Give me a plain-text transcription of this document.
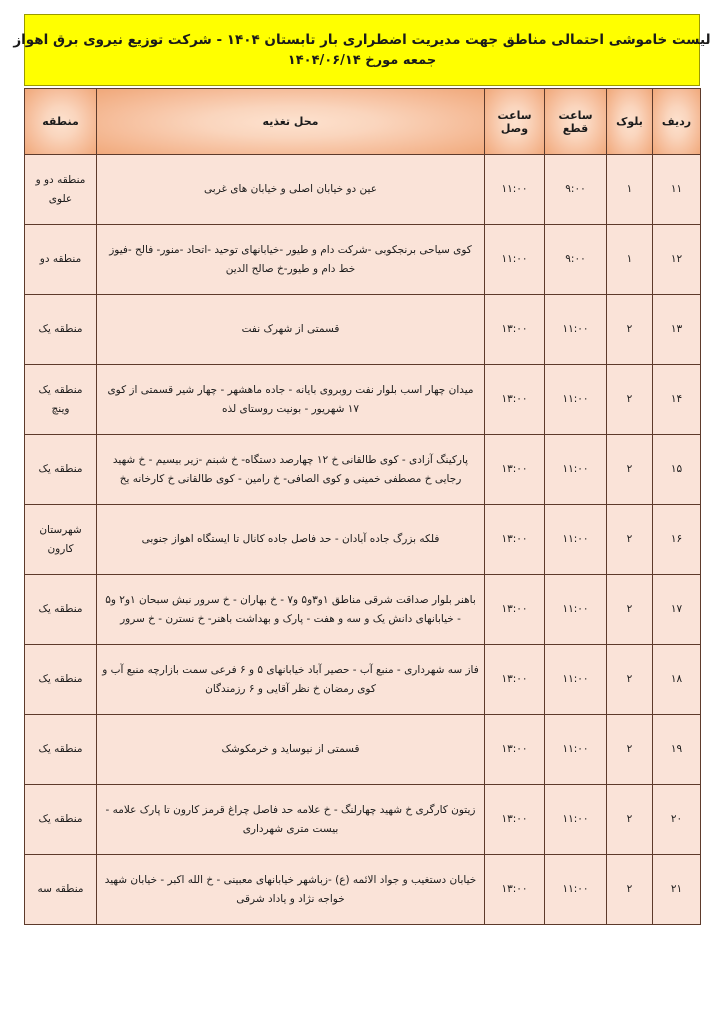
لیست خاموشی احتمالی مناطق جهت مدیریت اضطراری بار تابستان ۱۴۰۴ - شرکت توزیع نیروی برق اهواز
جمعه مورخ ۱۴۰۴/۰۶/۱۴
ردیف	بلوک	ساعت قطع	ساعت وصل	محل تغذیه	منطقه
۱۱	۱	۹:۰۰	۱۱:۰۰	عین دو خیابان اصلی و خیابان های غربی	منطقه دو و علوی
۱۲	۱	۹:۰۰	۱۱:۰۰	کوی سیاحی برنجکوبی -شرکت دام و طیور -خیابانهای توحید -اتحاد -منور- فالح -فیوز خط دام و طیور-خ صالح الدین	منطقه دو
۱۳	۲	۱۱:۰۰	۱۳:۰۰	قسمتی از شهرک نفت	منطقه یک
۱۴	۲	۱۱:۰۰	۱۳:۰۰	میدان چهار اسب بلوار نفت روبروی بایانه - جاده ماهشهر - چهار شیر قسمتی از کوی ۱۷ شهریور - بونیت روستای لذه	منطقه یک وینچ
۱۵	۲	۱۱:۰۰	۱۳:۰۰	پارکینگ آزادی - کوی طالقانی خ ۱۲ چهارصد دستگاه- خ شبنم -زیر بیسیم - خ شهید رجایی خ مصطفی خمینی و کوی الصافی- خ رامین - کوی طالقانی خ کارخانه یخ	منطقه یک
۱۶	۲	۱۱:۰۰	۱۳:۰۰	فلکه بزرگ جاده آبادان - حد فاصل جاده کانال تا ایستگاه اهواز جنوبی	شهرستان کارون
۱۷	۲	۱۱:۰۰	۱۳:۰۰	باهنر بلوار صداقت شرقی مناطق ۱و۳و۵ و۷ - خ بهاران - خ سرور نبش سبحان ۱و۲ و۵ - خیابانهای دانش یک و سه و هفت - پارک و بهداشت باهنر- خ نسترن - خ سرور	منطقه یک
۱۸	۲	۱۱:۰۰	۱۳:۰۰	فاز سه شهرداری - منبع آب - حصیر آباد خیابانهای ۵ و ۶ فرعی سمت بازارچه منبع آب و کوی رمضان خ نظر آقایی و ۶ رزمندگان	منطقه یک
۱۹	۲	۱۱:۰۰	۱۳:۰۰	قسمتی از نیوساید و خرمکوشک	منطقه یک
۲۰	۲	۱۱:۰۰	۱۳:۰۰	زیتون کارگری خ شهید چهارلنگ - خ علامه حد فاصل چراغ قرمز کارون تا پارک علامه - بیست متری شهرداری	منطقه یک
۲۱	۲	۱۱:۰۰	۱۳:۰۰	خیابان دستغیب و جواد الائمه (ع) -زباشهر خیابانهای معبینی - خ الله اکبر - خیابان شهید خواجه نژاد و یاداد شرقی	منطقه سه
